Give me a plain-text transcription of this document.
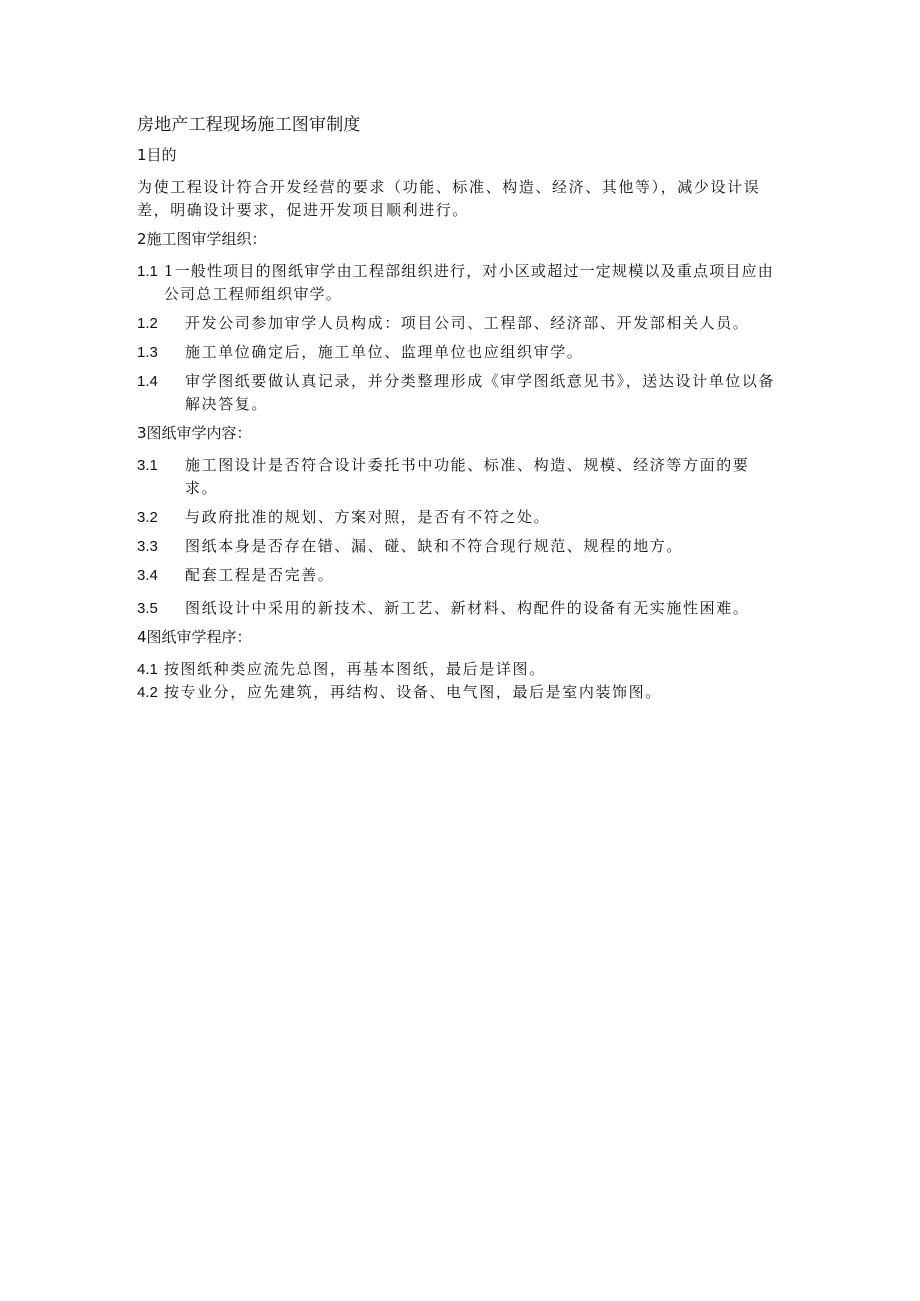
房地产工程现场施工图审制度
1目的
为使工程设计符合开发经营的要求（功能、标准、构造、经济、其他等），减少设计误差，明确设计要求，促进开发项目顺利进行。
2施工图审学组织：
1.1 1一般性项目的图纸审学由工程部组织进行，对小区或超过一定规模以及重点项目应由公司总工程师组织审学。
1.2	开发公司参加审学人员构成：项目公司、工程部、经济部、开发部相关人员。
1.3	施工单位确定后，施工单位、监理单位也应组织审学。
1.4	审学图纸要做认真记录，并分类整理形成《审学图纸意见书》，送达设计单位以备解决答复。
3图纸审学内容：
3.1	施工图设计是否符合设计委托书中功能、标准、构造、规模、经济等方面的要求。
3.2	与政府批准的规划、方案对照，是否有不符之处。
3.3	图纸本身是否存在错、漏、碰、缺和不符合现行规范、规程的地方。
3.4	配套工程是否完善。
3.5	图纸设计中采用的新技术、新工艺、新材料、构配件的设备有无实施性困难。
4图纸审学程序：
4.1 按图纸种类应流先总图，再基本图纸，最后是详图。
4.2 按专业分，应先建筑，再结构、设备、电气图，最后是室内装饰图。
